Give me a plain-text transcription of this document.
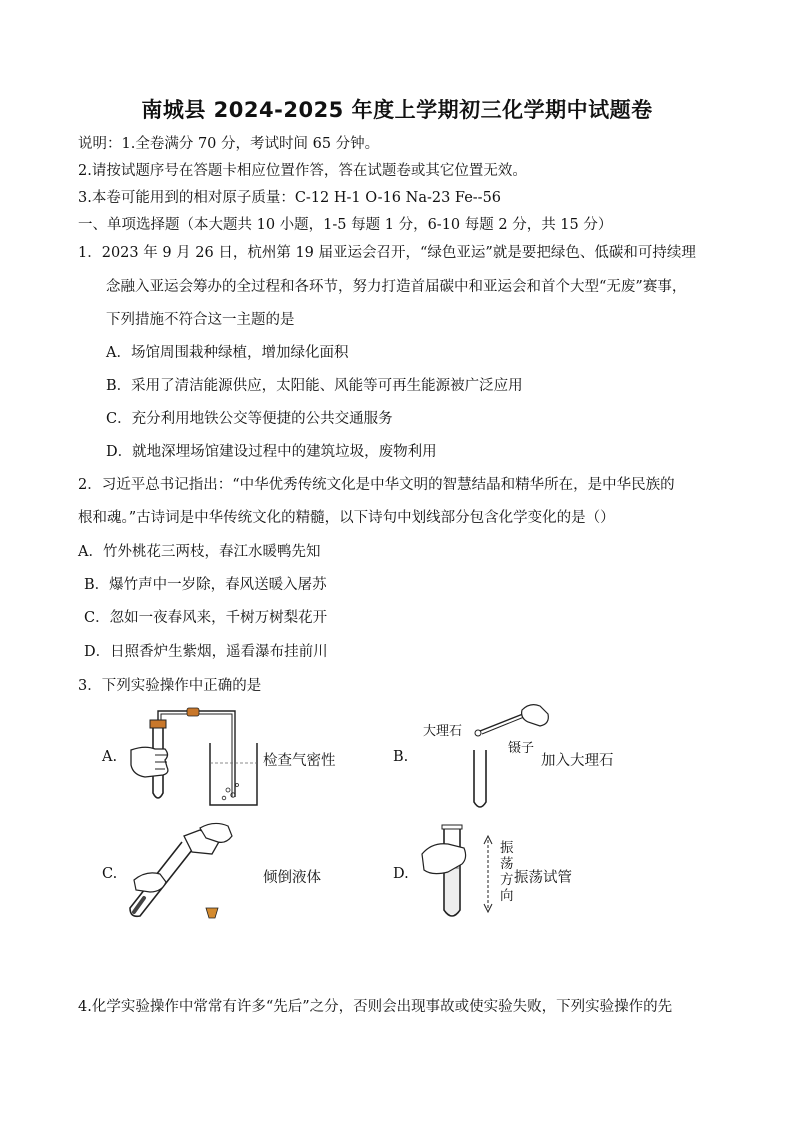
南城县 2024-2025 年度上学期初三化学期中试题卷
说明：1.全卷满分 70 分，考试时间 65 分钟。
2.请按试题序号在答题卡相应位置作答，答在试题卷或其它位置无效。
3.本卷可能用到的相对原子质量：C-12 H-1 O-16 Na-23 Fe--56
一、单项选择题（本大题共 10 小题，1-5 每题 1 分，6-10 每题 2 分，共 15 分）
1．2023 年 9 月 26 日，杭州第 19 届亚运会召开，“绿色亚运”就是要把绿色、低碳和可持续理
念融入亚运会筹办的全过程和各环节，努力打造首届碳中和亚运会和首个大型“无废”赛事，
下列措施不符合这一主题的是
A．场馆周围栽种绿植，增加绿化面积
B．采用了清洁能源供应，太阳能、风能等可再生能源被广泛应用
C．充分利用地铁公交等便捷的公共交通服务
D．就地深埋场馆建设过程中的建筑垃圾，废物利用
2．习近平总书记指出：“中华优秀传统文化是中华文明的智慧结晶和精华所在，是中华民族的
根和魂。”古诗词是中华传统文化的精髓，以下诗句中划线部分包含化学变化的是（）
A．竹外桃花三两枝，春江水暖鸭先知
B．爆竹声中一岁除，春风送暖入屠苏
C．忽如一夜春风来，千树万树梨花开
D．日照香炉生紫烟，遥看瀑布挂前川
3．下列实验操作中正确的是
A.	检查气密性	B.
大理石
镊子
加入大理石
C.	倾倒液体	D.
振荡方向
振荡试管
4.化学实验操作中常常有许多“先后”之分，否则会出现事故或使实验失败，下列实验操作的先
